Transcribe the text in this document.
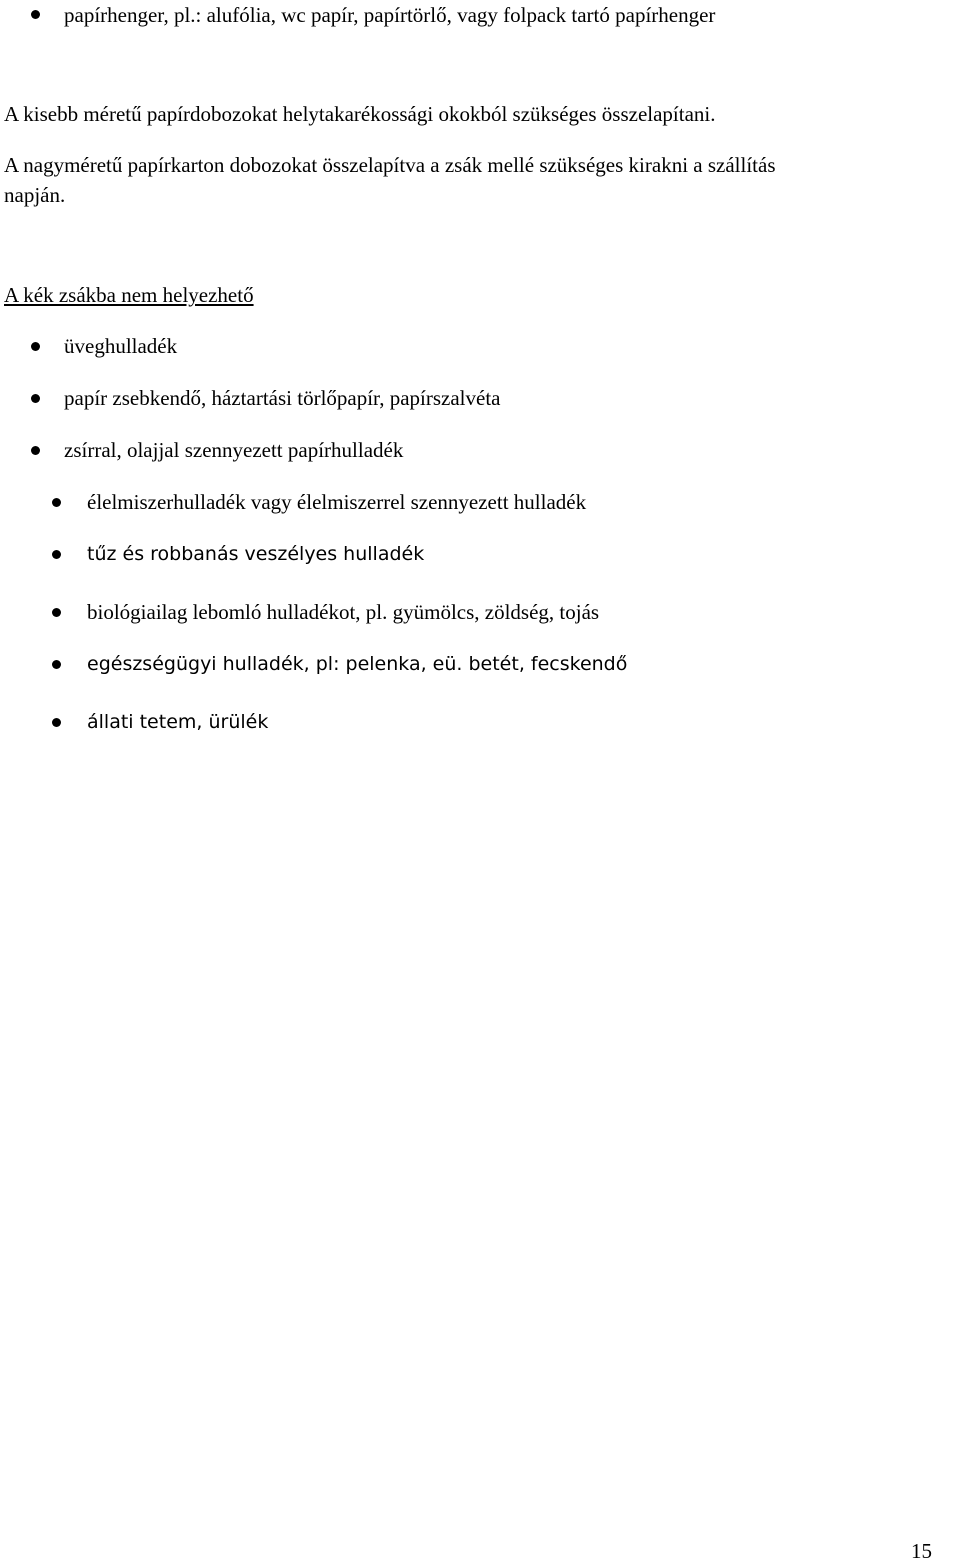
papírhenger, pl.: alufólia, wc papír, papírtörlő, vagy folpack tartó papírhenger
A kisebb méretű papírdobozokat helytakarékossági okokból szükséges összelapítani.
A nagyméretű papírkarton dobozokat összelapítva a zsák mellé szükséges kirakni a szállítás
napján.
A kék zsákba nem helyezhető
üveghulladék
papír zsebkendő, háztartási törlőpapír, papírszalvéta
zsírral, olajjal szennyezett papírhulladék
élelmiszerhulladék vagy élelmiszerrel szennyezett hulladék
tűz és robbanás veszélyes hulladék
biológiailag lebomló hulladékot, pl. gyümölcs, zöldség, tojás
egészségügyi hulladék, pl: pelenka, eü. betét, fecskendő
állati tetem, ürülék
15
